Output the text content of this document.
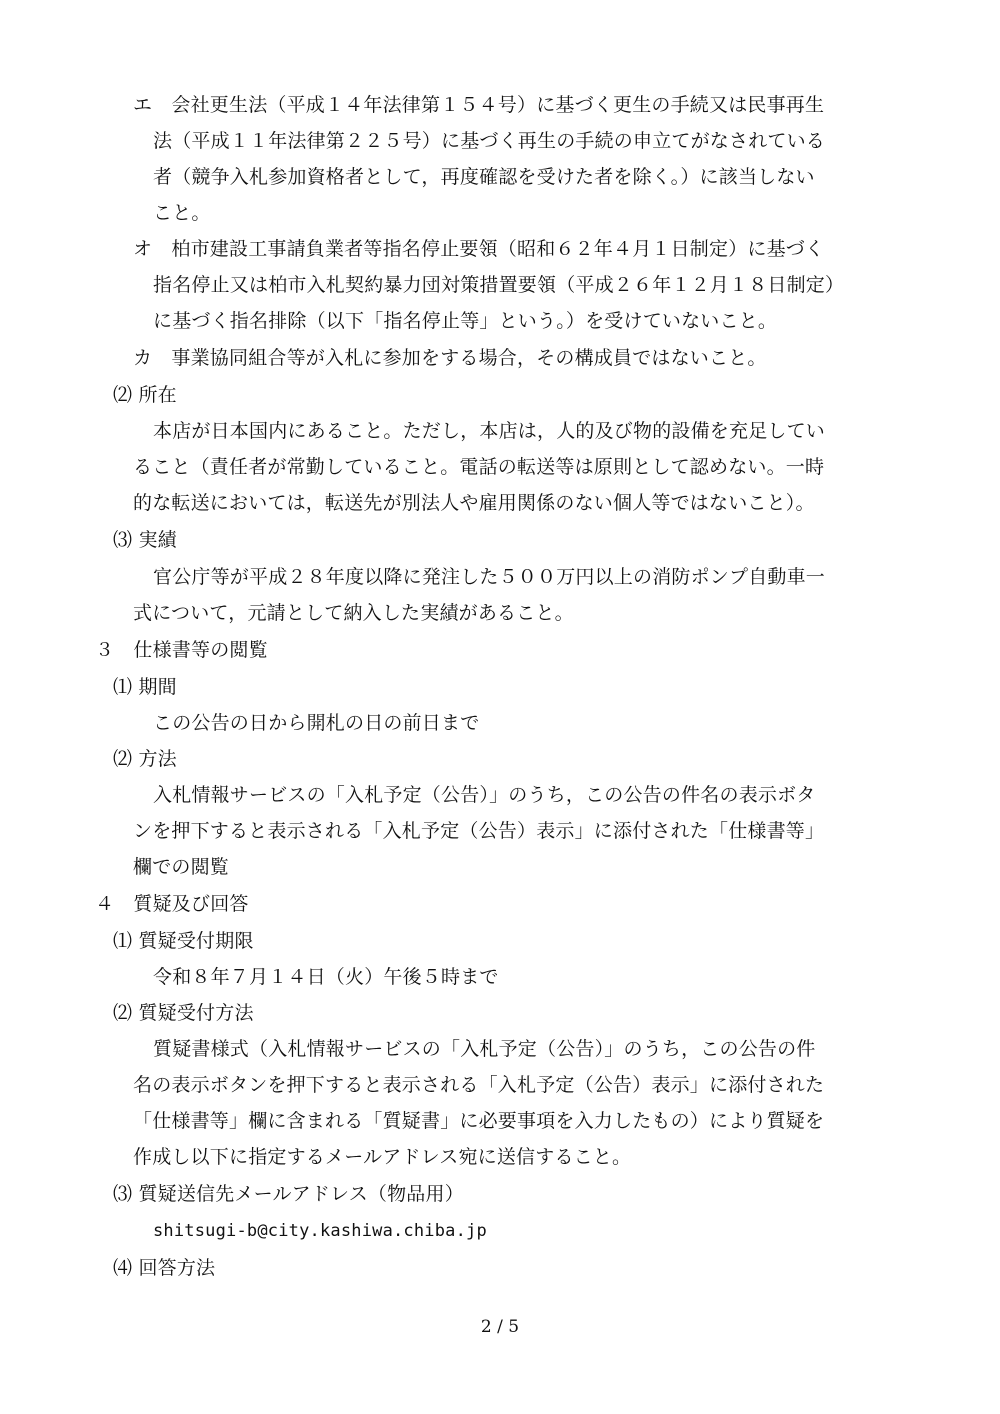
エ　会社更生法（平成１４年法律第１５４号）に基づく更生の手続又は民事再生
法（平成１１年法律第２２５号）に基づく再生の手続の申立てがなされている
者（競争入札参加資格者として，再度確認を受けた者を除く。）に該当しない
こと。
オ　柏市建設工事請負業者等指名停止要領（昭和６２年４月１日制定）に基づく
指名停止又は柏市入札契約暴力団対策措置要領（平成２６年１２月１８日制定）
に基づく指名排除（以下「指名停止等」という。）を受けていないこと。
カ　事業協同組合等が入札に参加をする場合，その構成員ではないこと。
⑵ 所在
本店が日本国内にあること。ただし，本店は，人的及び物的設備を充足してい
ること（責任者が常勤していること。電話の転送等は原則として認めない。一時
的な転送においては，転送先が別法人や雇用関係のない個人等ではないこと）。
⑶ 実績
官公庁等が平成２８年度以降に発注した５００万円以上の消防ポンプ自動車一
式について，元請として納入した実績があること。
３　仕様書等の閲覧
⑴ 期間
この公告の日から開札の日の前日まで
⑵ 方法
入札情報サービスの「入札予定（公告）」のうち，この公告の件名の表示ボタ
ンを押下すると表示される「入札予定（公告）表示」に添付された「仕様書等」
欄での閲覧
４　質疑及び回答
⑴ 質疑受付期限
令和８年７月１４日（火）午後５時まで
⑵ 質疑受付方法
質疑書様式（入札情報サービスの「入札予定（公告）」のうち，この公告の件
名の表示ボタンを押下すると表示される「入札予定（公告）表示」に添付された
「仕様書等」欄に含まれる「質疑書」に必要事項を入力したもの）により質疑を
作成し以下に指定するメールアドレス宛に送信すること。
⑶ 質疑送信先メールアドレス（物品用）
shitsugi-b@city.kashiwa.chiba.jp
⑷ 回答方法
2 / 5
